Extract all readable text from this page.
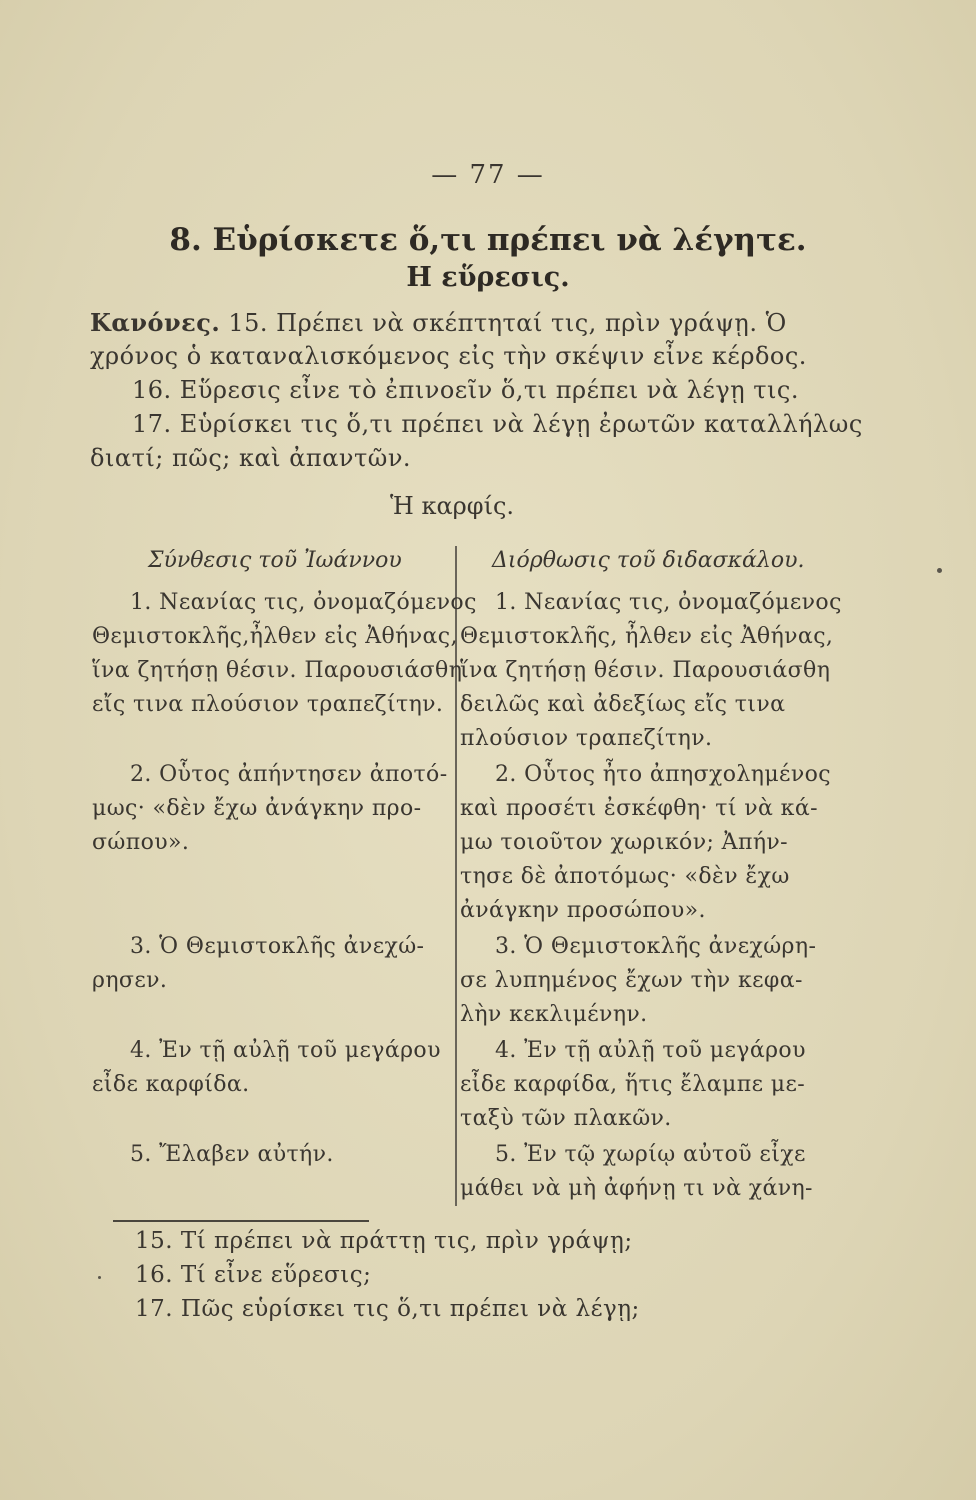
— 77 —
8. Εὑρίσκετε ὅ,τι πρέπει νὰ λέγητε.
Η εὕρεσις.
Κανόνες. 15. Πρέπει νὰ σκέπτηταί τις, πρὶν γράψῃ. Ὁ
χρόνος ὁ καταναλισκόμενος εἰς τὴν σκέψιν εἶνε κέρδος.
16. Εὕρεσις εἶνε τὸ ἐπινοεῖν ὅ,τι πρέπει νὰ λέγῃ τις.
17. Εὑρίσκει τις ὅ,τι πρέπει νὰ λέγῃ ἐρωτῶν καταλλήλως
διατί; πῶς; καὶ ἀπαντῶν.
Ἡ καρφίς.
Σύνθεσις τοῦ Ἰωάννου	Διόρθωσις τοῦ διδασκάλου.
1. Νεανίας τις, ὀνομαζόμενος
Θεμιστοκλῆς,ἦλθεν εἰς Ἀθήνας,
ἵνα ζητήσῃ θέσιν. Παρουσιάσθη
εἴς τινα πλούσιον τραπεζίτην.
2. Οὗτος ἀπήντησεν ἀποτό-
μως· «δὲν ἔχω ἀνάγκην προ-
σώπου».
3. Ὁ Θεμιστοκλῆς ἀνεχώ-
ρησεν.
4. Ἐν τῇ αὐλῇ τοῦ μεγάρου
εἶδε καρφίδα.
5. Ἔλαβεν αὐτήν.
1. Νεανίας τις, ὀνομαζόμενος
Θεμιστοκλῆς, ἦλθεν εἰς Ἀθήνας,
ἵνα ζητήσῃ θέσιν. Παρουσιάσθη
δειλῶς καὶ ἀδεξίως εἴς τινα
πλούσιον τραπεζίτην.
2. Οὗτος ἦτο ἀπησχολημένος
καὶ προσέτι ἐσκέφθη· τί νὰ κά-
μω τοιοῦτον χωρικόν; Ἀπήν-
τησε δὲ ἀποτόμως· «δὲν ἔχω
ἀνάγκην προσώπου».
3. Ὁ Θεμιστοκλῆς ἀνεχώρη-
σε λυπημένος ἔχων τὴν κεφα-
λὴν κεκλιμένην.
4. Ἐν τῇ αὐλῇ τοῦ μεγάρου
εἶδε καρφίδα, ἥτις ἔλαμπε με-
ταξὺ τῶν πλακῶν.
5. Ἐν τῷ χωρίῳ αὐτοῦ εἶχε
μάθει νὰ μὴ ἀφήνῃ τι νὰ χάνη-
15. Τί πρέπει νὰ πράττῃ τις, πρὶν γράψῃ;
16. Τί εἶνε εὕρεσις;
17. Πῶς εὑρίσκει τις ὅ,τι πρέπει νὰ λέγῃ;
